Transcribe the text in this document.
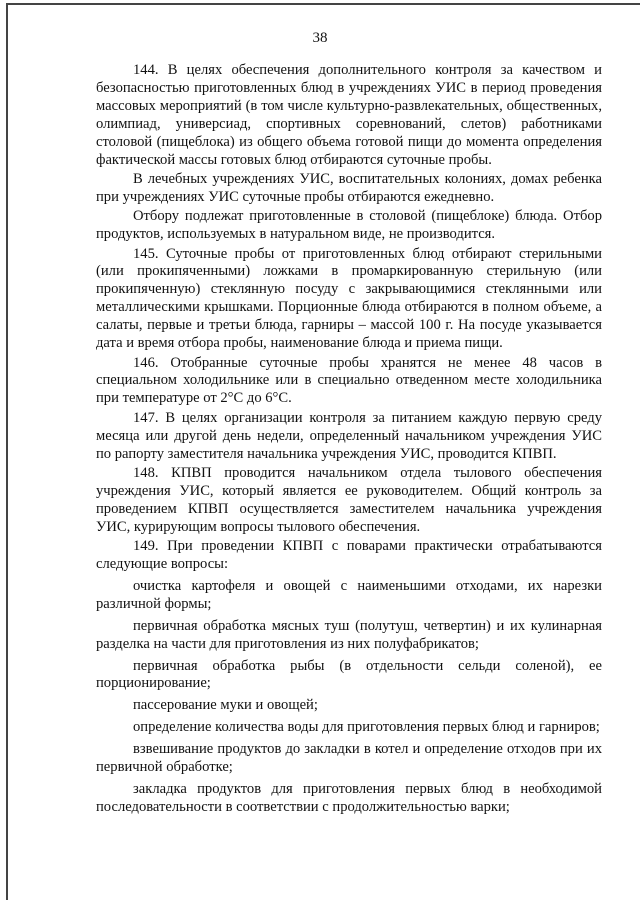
38

144. В целях обеспечения дополнительного контроля за качеством и безопасностью приготовленных блюд в учреждениях УИС в период проведения массовых мероприятий (в том числе культурно-развлекательных, общественных, олимпиад, универсиад, спортивных соревнований, слетов) работниками столовой (пищеблока) из общего объема готовой пищи до момента определения фактической массы готовых блюд отбираются суточные пробы.

В лечебных учреждениях УИС, воспитательных колониях, домах ребенка при учреждениях УИС суточные пробы отбираются ежедневно.

Отбору подлежат приготовленные в столовой (пищеблоке) блюда. Отбор продуктов, используемых в натуральном виде, не производится.

145. Суточные пробы от приготовленных блюд отбирают стерильными (или прокипяченными) ложками в промаркированную стерильную (или прокипяченную) стеклянную посуду с закрывающимися стеклянными или металлическими крышками. Порционные блюда отбираются в полном объеме, а салаты, первые и третьи блюда, гарниры – массой 100 г. На посуде указывается дата и время отбора пробы, наименование блюда и приема пищи.

146. Отобранные суточные пробы хранятся не менее 48 часов в специальном холодильнике или в специально отведенном месте холодильника при температуре от 2°С до 6°С.

147. В целях организации контроля за питанием каждую первую среду месяца или другой день недели, определенный начальником учреждения УИС по рапорту заместителя начальника учреждения УИС, проводится КПВП.

148. КПВП проводится начальником отдела тылового обеспечения учреждения УИС, который является ее руководителем. Общий контроль за проведением КПВП осуществляется заместителем начальника учреждения УИС, курирующим вопросы тылового обеспечения.

149. При проведении КПВП с поварами практически отрабатываются следующие вопросы:

очистка картофеля и овощей с наименьшими отходами, их нарезки различной формы;

первичная обработка мясных туш (полутуш, четвертин) и их кулинарная разделка на части для приготовления из них полуфабрикатов;

первичная обработка рыбы (в отдельности сельди соленой), ее порционирование;

пассерование муки и овощей;

определение количества воды для приготовления первых блюд и гарниров;

взвешивание продуктов до закладки в котел и определение отходов при их первичной обработке;

закладка продуктов для приготовления первых блюд в необходимой последовательности в соответствии с продолжительностью варки;
